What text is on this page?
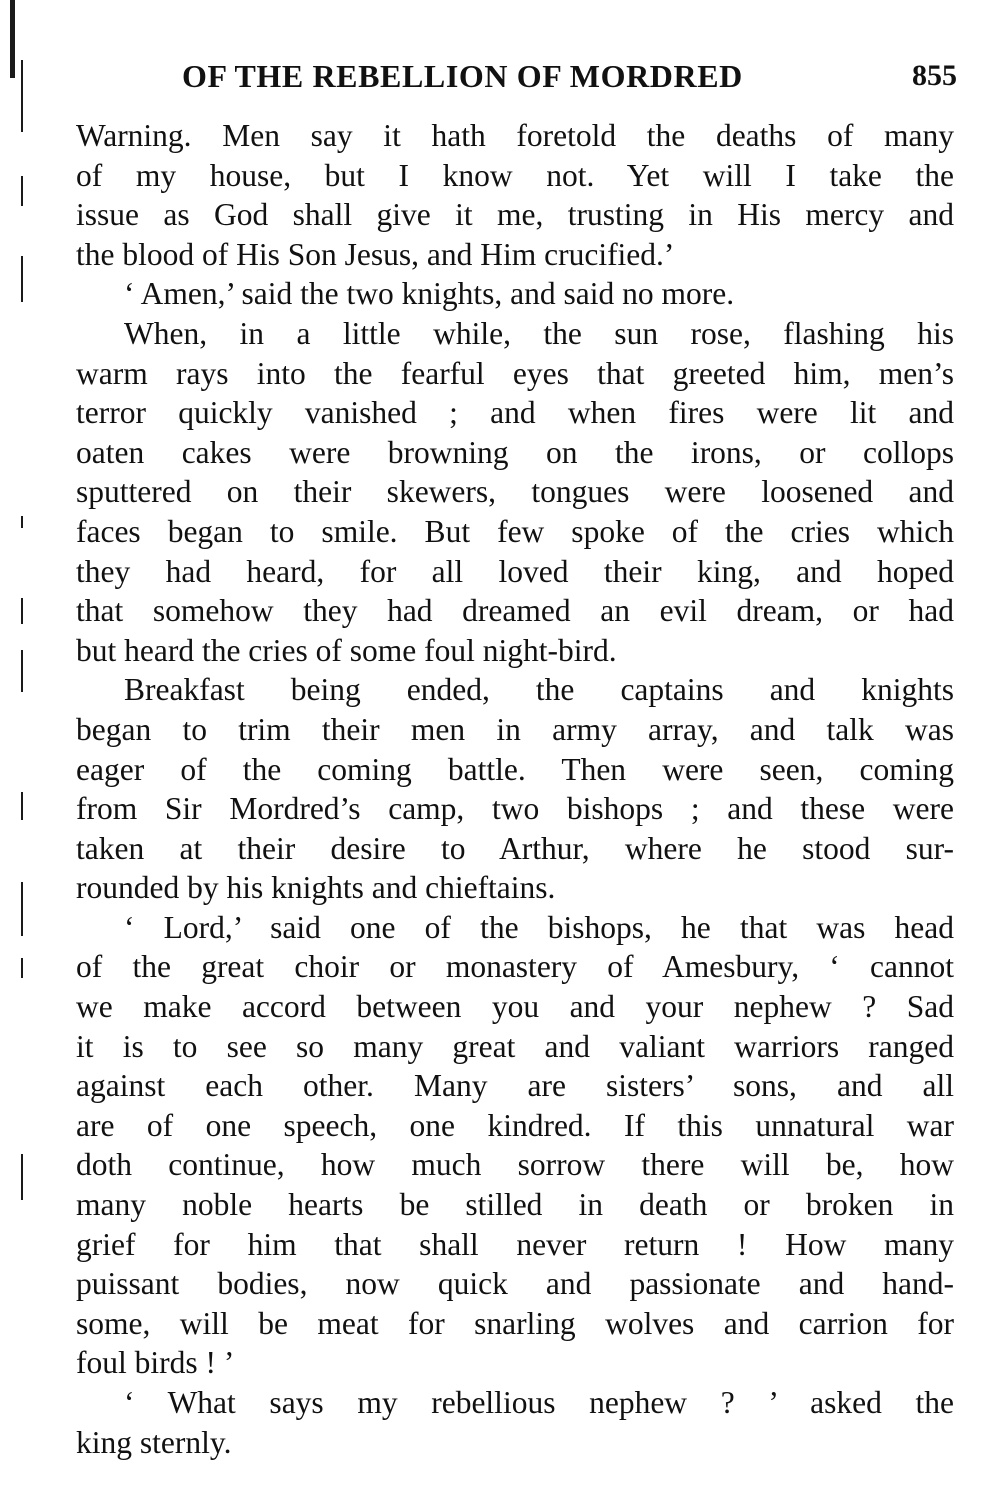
OF THE REBELLION OF MORDRED	855
Warning. Men say it hath foretold the deaths of many
of my house, but I know not. Yet will I take the
issue as God shall give it me, trusting in His mercy and
the blood of His Son Jesus, and Him crucified.’
‘ Amen,’ said the two knights, and said no more.
When, in a little while, the sun rose, flashing his
warm rays into the fearful eyes that greeted him, men’s
terror quickly vanished ; and when fires were lit and
oaten cakes were browning on the irons, or collops
sputtered on their skewers, tongues were loosened and
faces began to smile. But few spoke of the cries which
they had heard, for all loved their king, and hoped
that somehow they had dreamed an evil dream, or had
but heard the cries of some foul night-bird.
Breakfast being ended, the captains and knights
began to trim their men in army array, and talk was
eager of the coming battle. Then were seen, coming
from Sir Mordred’s camp, two bishops ; and these were
taken at their desire to Arthur, where he stood sur-
rounded by his knights and chieftains.
‘ Lord,’ said one of the bishops, he that was head
of the great choir or monastery of Amesbury, ‘ cannot
we make accord between you and your nephew ? Sad
it is to see so many great and valiant warriors ranged
against each other. Many are sisters’ sons, and all
are of one speech, one kindred. If this unnatural war
doth continue, how much sorrow there will be, how
many noble hearts be stilled in death or broken in
grief for him that shall never return ! How many
puissant bodies, now quick and passionate and hand-
some, will be meat for snarling wolves and carrion for
foul birds ! ’
‘ What says my rebellious nephew ? ’ asked the
king sternly.
